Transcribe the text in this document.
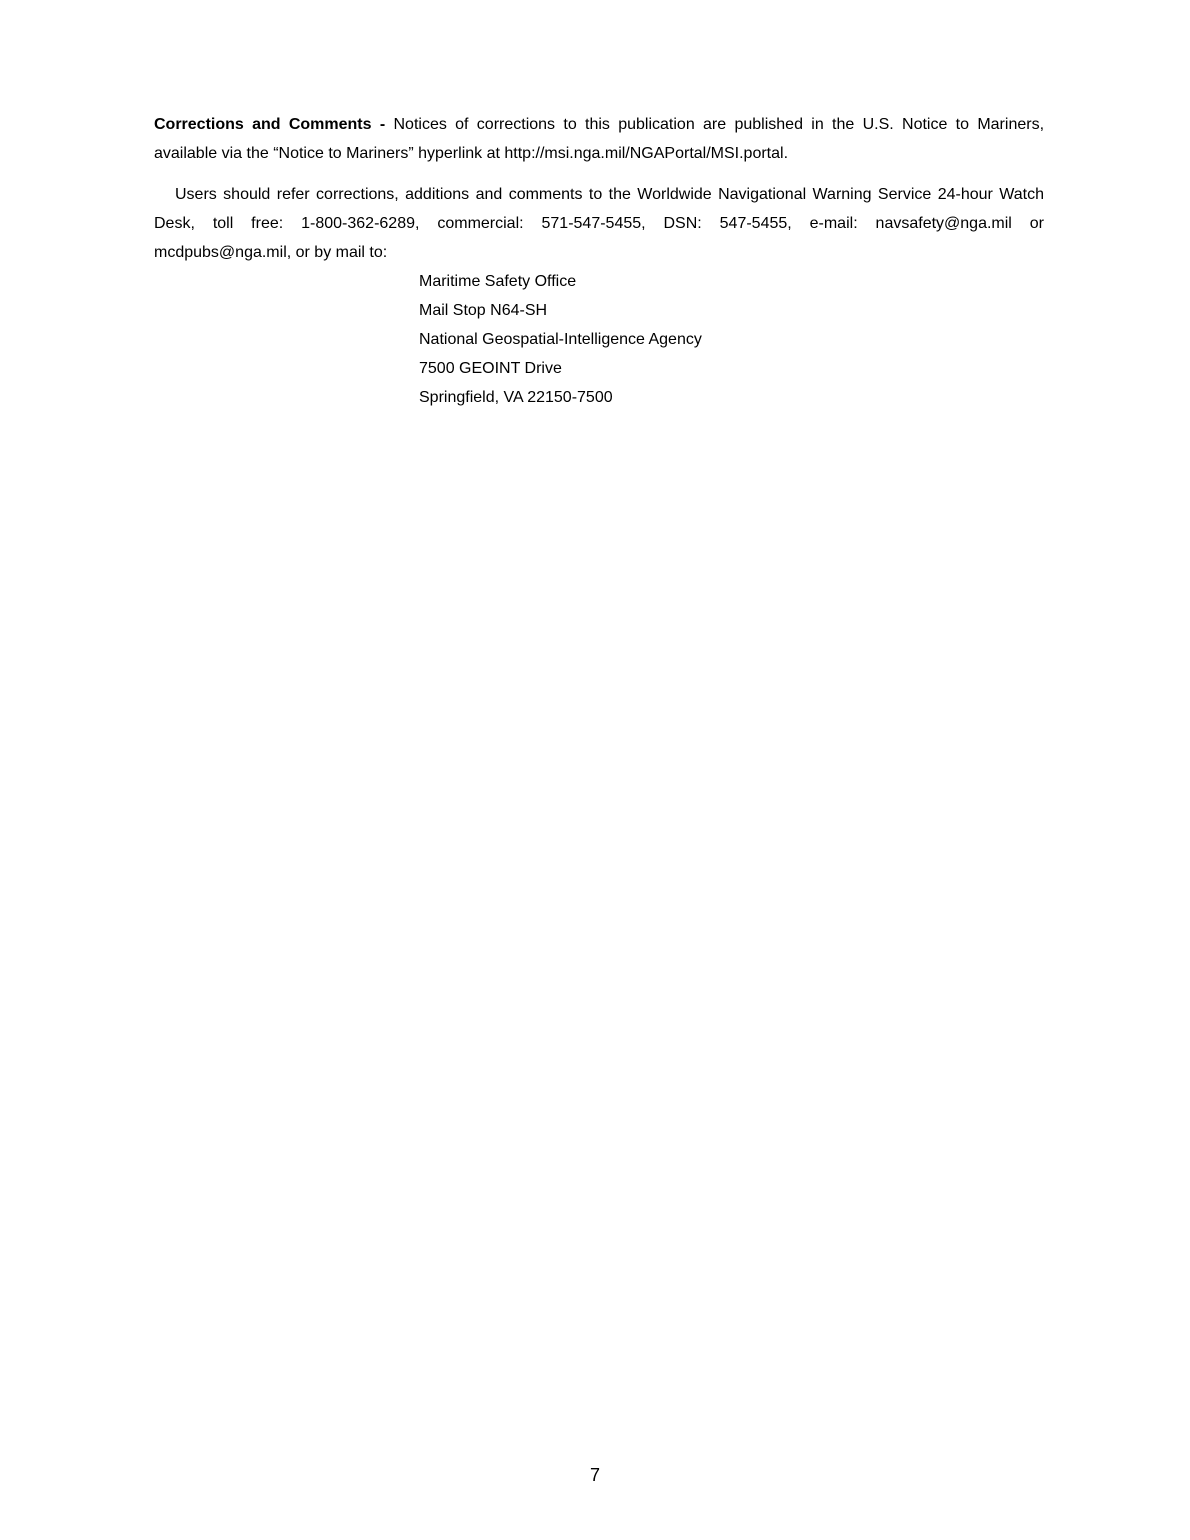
Corrections and Comments - Notices of corrections to this publication are published in the U.S. Notice to Mariners, available via the “Notice to Mariners” hyperlink at http://msi.nga.mil/NGAPortal/MSI.portal.
Users should refer corrections, additions and comments to the Worldwide Navigational Warning Service 24-hour Watch Desk, toll free: 1-800-362-6289, commercial: 571-547-5455, DSN: 547-5455, e-mail: navsafety@nga.mil or mcdpubs@nga.mil, or by mail to:
Maritime Safety Office
Mail Stop N64-SH
National Geospatial-Intelligence Agency
7500 GEOINT Drive
Springfield, VA 22150-7500
7
